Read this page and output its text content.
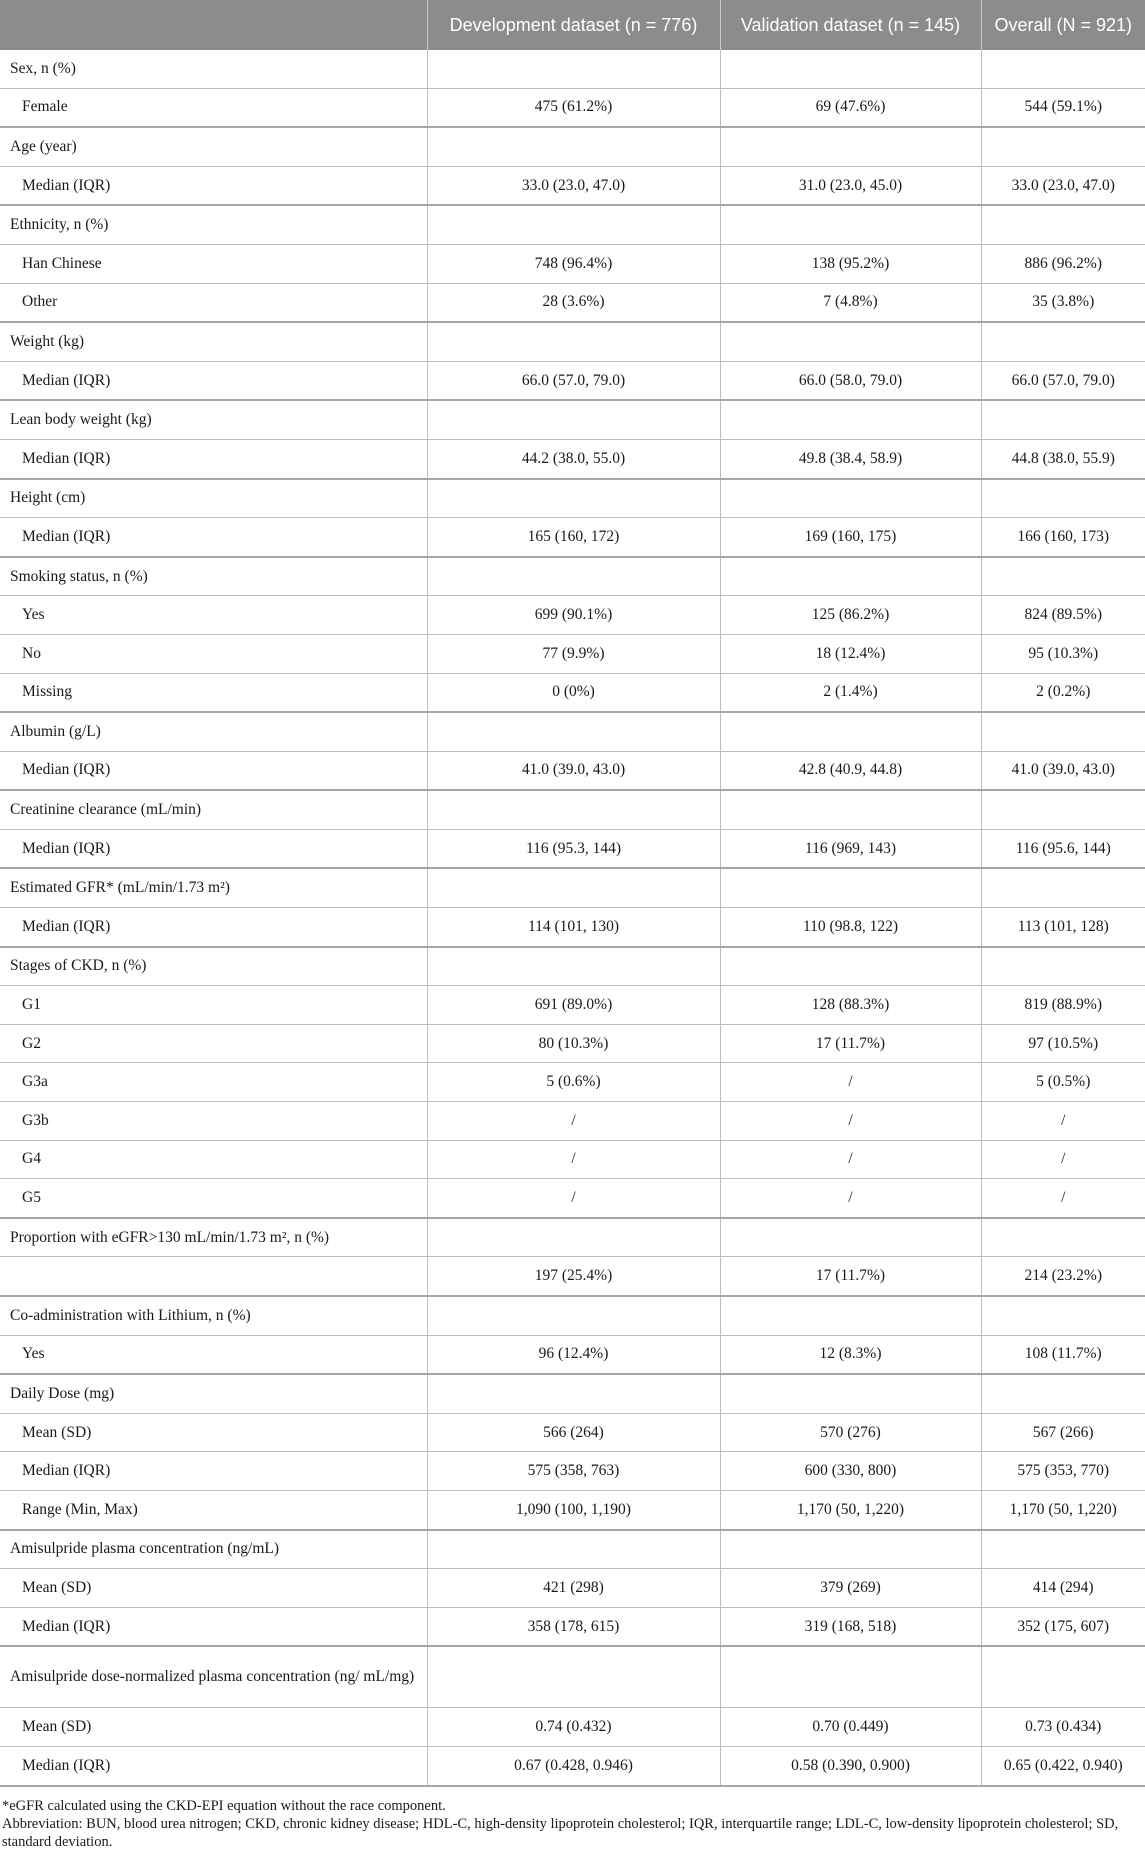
	Development dataset (n = 776)	Validation dataset (n = 145)	Overall (N = 921)
Sex, n (%)			
Female	475 (61.2%)	69 (47.6%)	544 (59.1%)
Age (year)			
Median (IQR)	33.0 (23.0, 47.0)	31.0 (23.0, 45.0)	33.0 (23.0, 47.0)
Ethnicity, n (%)			
Han Chinese	748 (96.4%)	138 (95.2%)	886 (96.2%)
Other	28 (3.6%)	7 (4.8%)	35 (3.8%)
Weight (kg)			
Median (IQR)	66.0 (57.0, 79.0)	66.0 (58.0, 79.0)	66.0 (57.0, 79.0)
Lean body weight (kg)			
Median (IQR)	44.2 (38.0, 55.0)	49.8 (38.4, 58.9)	44.8 (38.0, 55.9)
Height (cm)			
Median (IQR)	165 (160, 172)	169 (160, 175)	166 (160, 173)
Smoking status, n (%)			
Yes	699 (90.1%)	125 (86.2%)	824 (89.5%)
No	77 (9.9%)	18 (12.4%)	95 (10.3%)
Missing	0 (0%)	2 (1.4%)	2 (0.2%)
Albumin (g/L)			
Median (IQR)	41.0 (39.0, 43.0)	42.8 (40.9, 44.8)	41.0 (39.0, 43.0)
Creatinine clearance (mL/min)			
Median (IQR)	116 (95.3, 144)	116 (969, 143)	116 (95.6, 144)
Estimated GFR* (mL/min/1.73 m²)			
Median (IQR)	114 (101, 130)	110 (98.8, 122)	113 (101, 128)
Stages of CKD, n (%)			
G1	691 (89.0%)	128 (88.3%)	819 (88.9%)
G2	80 (10.3%)	17 (11.7%)	97 (10.5%)
G3a	5 (0.6%)	/	5 (0.5%)
G3b	/	/	/
G4	/	/	/
G5	/	/	/
Proportion with eGFR>130 mL/min/1.73 m², n (%)			
	197 (25.4%)	17 (11.7%)	214 (23.2%)
Co-administration with Lithium, n (%)			
Yes	96 (12.4%)	12 (8.3%)	108 (11.7%)
Daily Dose (mg)			
Mean (SD)	566 (264)	570 (276)	567 (266)
Median (IQR)	575 (358, 763)	600 (330, 800)	575 (353, 770)
Range (Min, Max)	1,090 (100, 1,190)	1,170 (50, 1,220)	1,170 (50, 1,220)
Amisulpride plasma concentration (ng/mL)			
Mean (SD)	421 (298)	379 (269)	414 (294)
Median (IQR)	358 (178, 615)	319 (168, 518)	352 (175, 607)
Amisulpride dose-normalized plasma concentration (ng/ mL/mg)			
Mean (SD)	0.74 (0.432)	0.70 (0.449)	0.73 (0.434)
Median (IQR)	0.67 (0.428, 0.946)	0.58 (0.390, 0.900)	0.65 (0.422, 0.940)
*eGFR calculated using the CKD-EPI equation without the race component.
Abbreviation: BUN, blood urea nitrogen; CKD, chronic kidney disease; HDL-C, high-density lipoprotein cholesterol; IQR, interquartile range; LDL-C, low-density lipoprotein cholesterol; SD, standard deviation.
